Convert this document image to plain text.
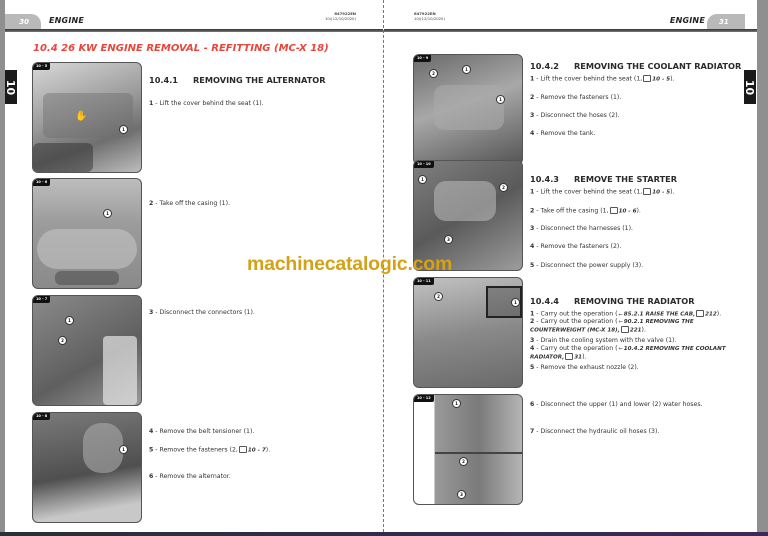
30	ENGINE
647922EN
10/(12/10/2020)
10.4 26 KW ENGINE REMOVAL - REFITTING (MC-X 18)
10
10 - 5
1
✋
10 - 6
1
10 - 7
1
2
10 - 8
1
10.4.1 REMOVING THE ALTERNATOR
1 - Lift the cover behind the seat (1).
2 - Take off the casing (1).
3 - Disconnect the connectors (1).
4 - Remove the belt tensioner (1).
5 - Remove the fasteners (2, 10 - 7).
6 - Remove the alternator.
647922EN
10/(12/10/2020)	ENGINE	31
10
10 - 9
1
2
1
10 - 10
1
2
3
10 - 11
2
1
10 - 12
1
2
3
10.4.2 REMOVING THE COOLANT RADIATOR
1 - Lift the cover behind the seat (1, 10 - 5).
2 - Remove the fasteners (1).
3 - Disconnect the hoses (2).
4 - Remove the tank.
10.4.3 REMOVE THE STARTER
1 - Lift the cover behind the seat (1, 10 - 5).
2 - Take off the casing (1, 10 - 6).
3 - Disconnect the harnesses (1).
4 - Remove the fasteners (2).
5 - Disconnect the power supply (3).
10.4.4 REMOVING THE RADIATOR
1 - Carry out the operation (⇐85.2.1 RAISE THE CAB, 212).
2 - Carry out the operation (⇐90.2.1 REMOVING THE COUNTERWEIGHT (MC-X 18), 221).
3 - Drain the cooling system with the valve (1).
4 - Carry out the operation (⇐10.4.2 REMOVING THE COOLANT RADIATOR, 31).
5 - Remove the exhaust nozzle (2).
6 - Disconnect the upper (1) and lower (2) water hoses.
7 - Disconnect the hydraulic oil hoses (3).
machinecatalogic.com
